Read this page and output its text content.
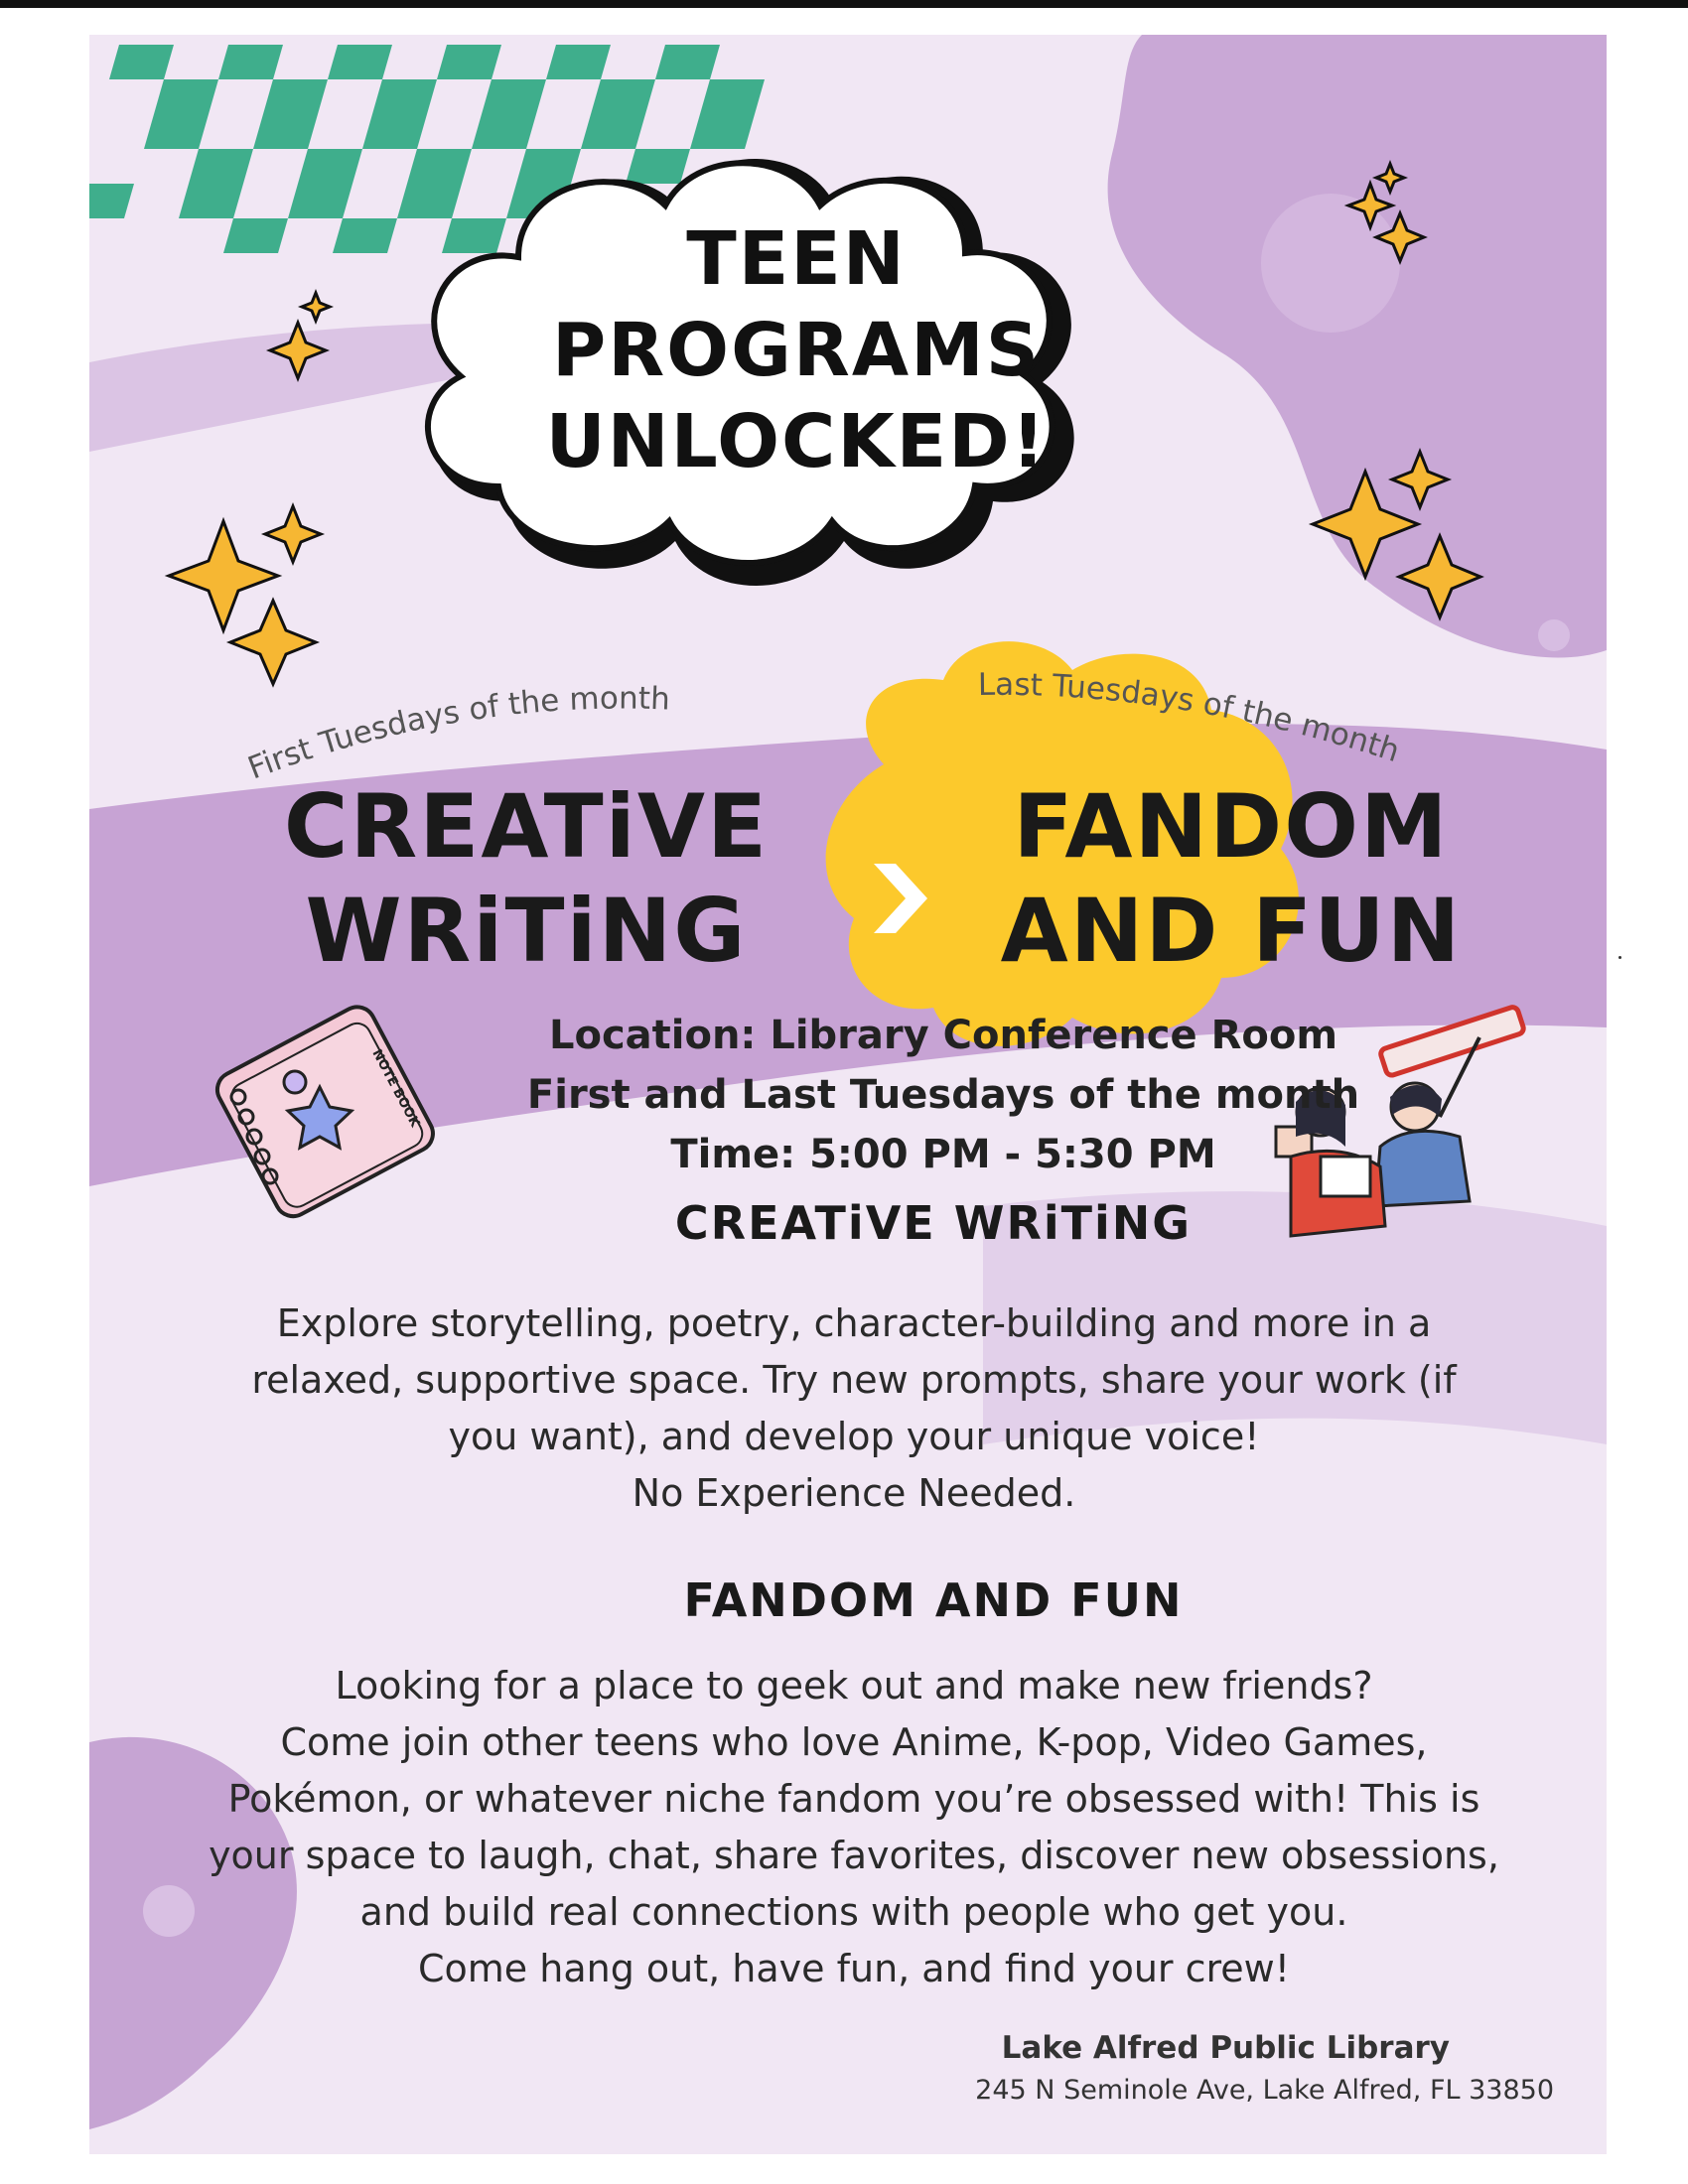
First Tuesdays of the month	Last Tuesdays of the month
NOTE BOOK
TEEN
PROGRAMS
UNLOCKED!
CREATiVE
WRiTiNG
FANDOM
AND FUN
Location: Library Conference Room
First and Last Tuesdays of the month
Time: 5:00 PM - 5:30 PM
CREATiVE WRiTiNG
Explore storytelling, poetry, character-building and more in a
relaxed, supportive space. Try new prompts, share your work (if
you want), and develop your unique voice!
No Experience Needed.
FANDOM AND FUN
Looking for a place to geek out and make new friends?
Come join other teens who love Anime, K-pop, Video Games,
Pokémon, or whatever niche fandom you’re obsessed with! This is
your space to laugh, chat, share favorites, discover new obsessions,
and build real connections with people who get you.
Come hang out, have fun, and find your crew!
Lake Alfred Public Library
245 N Seminole Ave, Lake Alfred, FL 33850
